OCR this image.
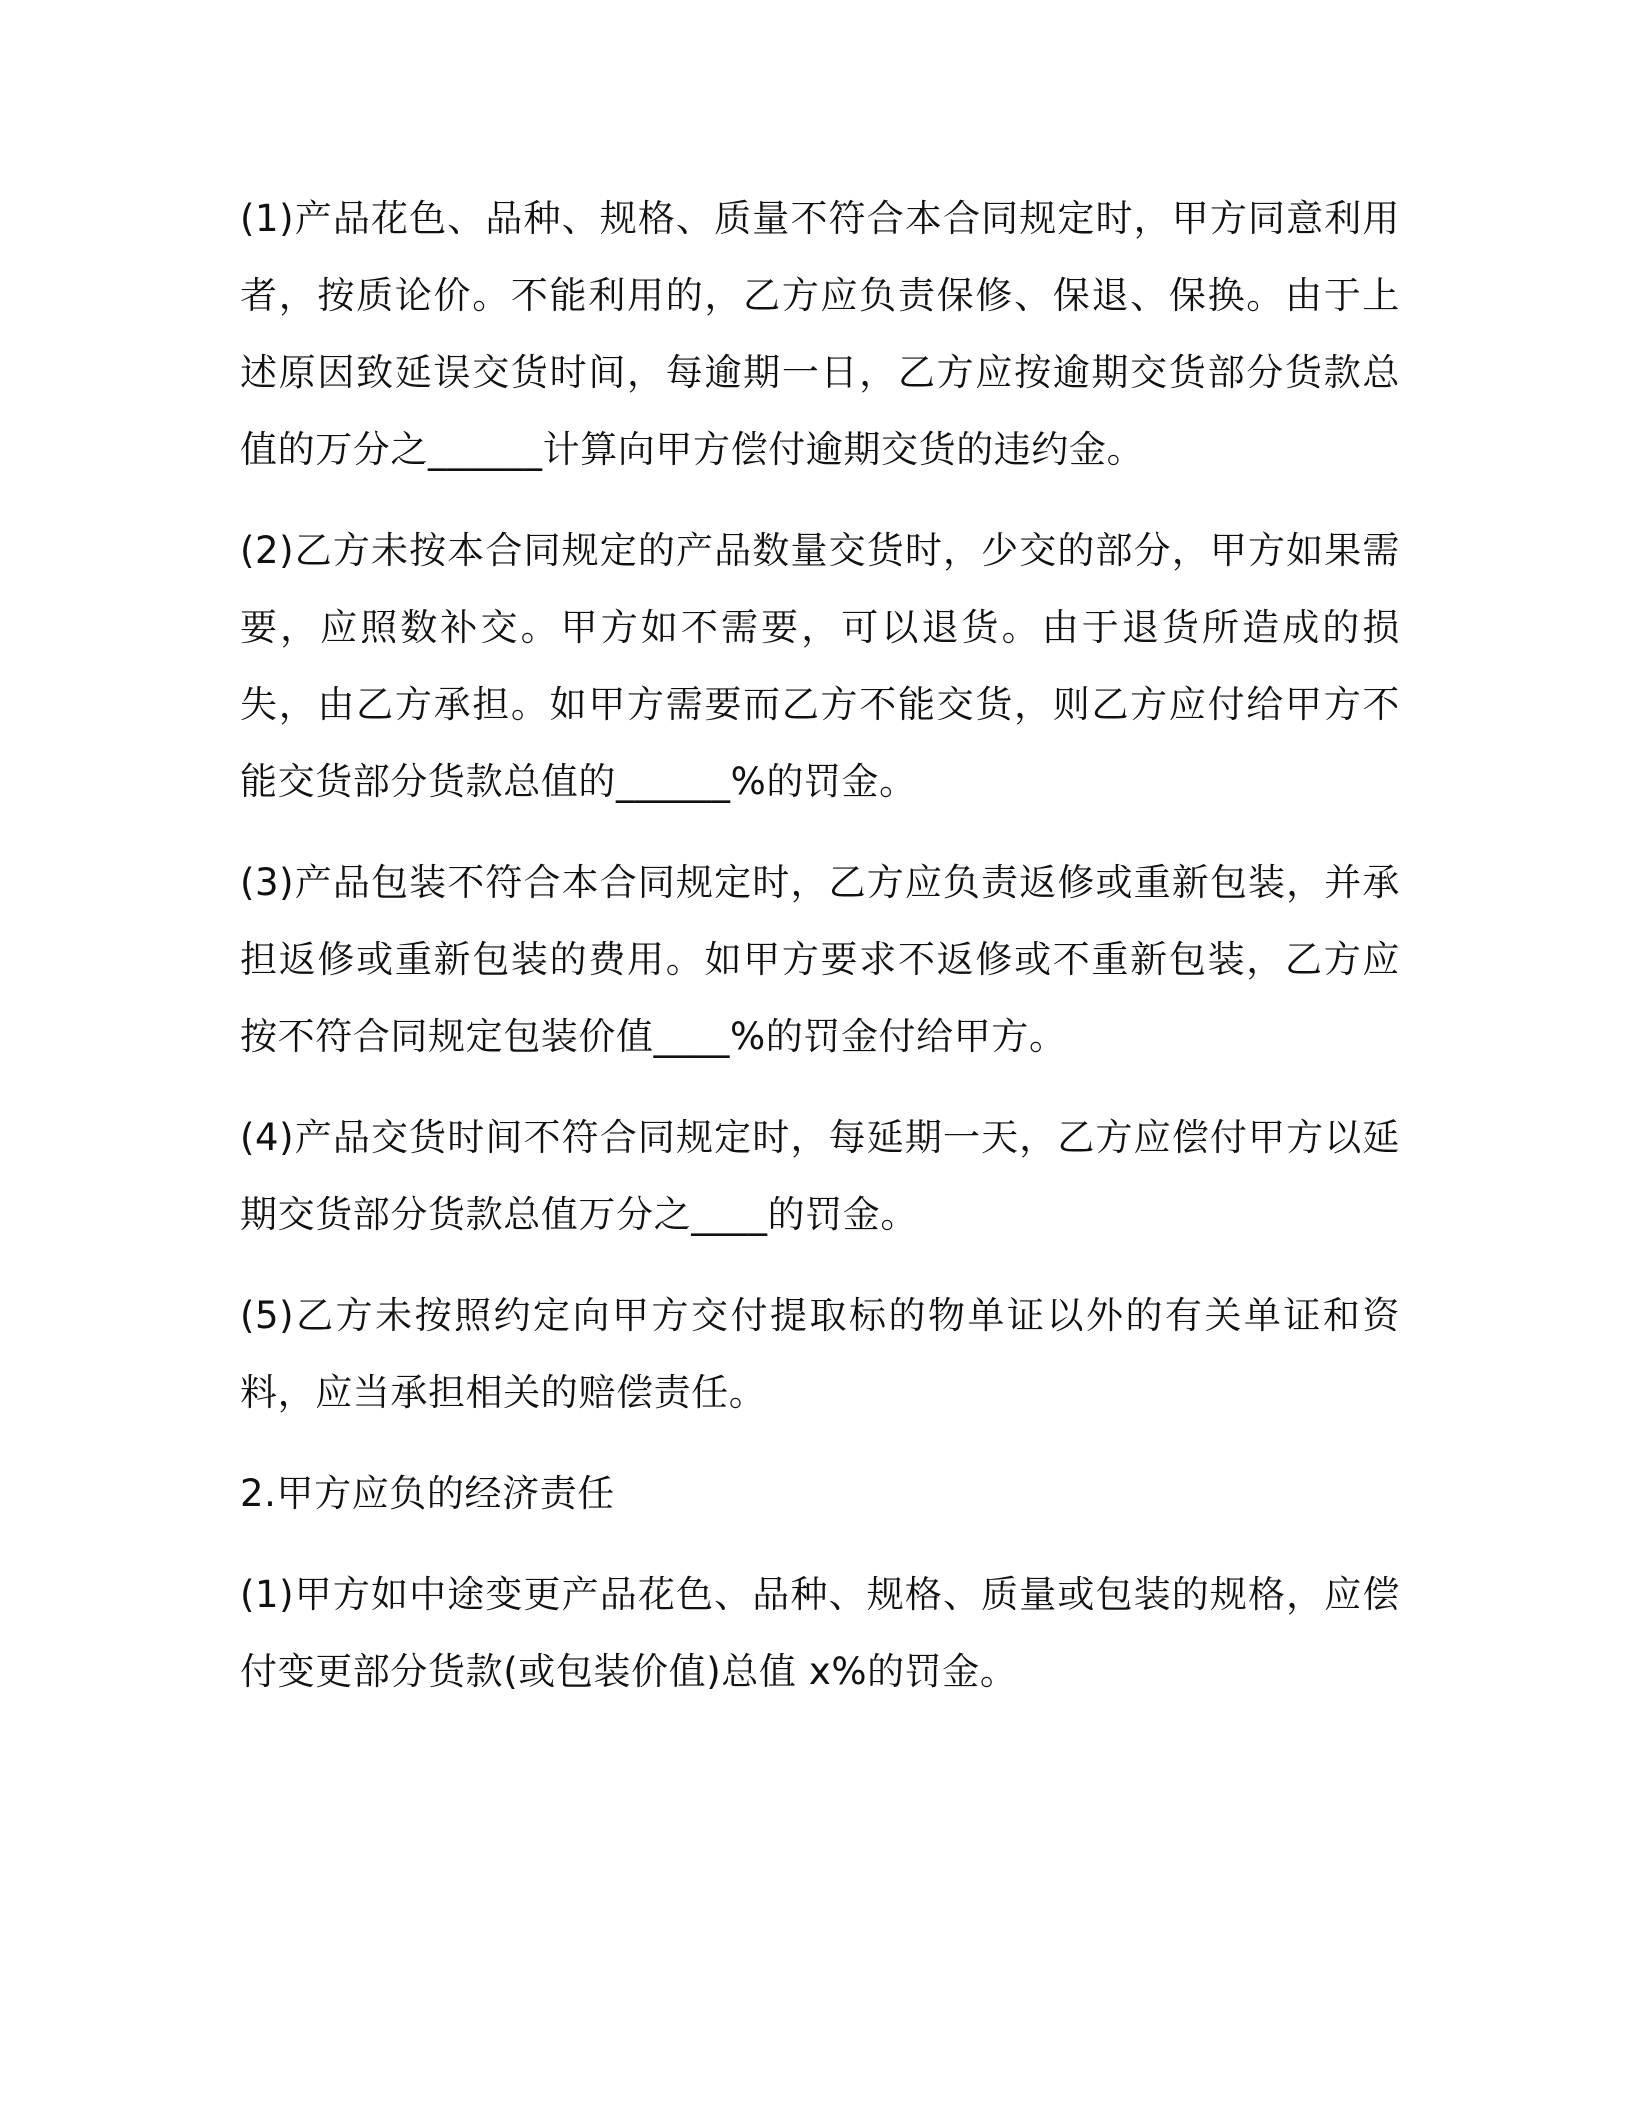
(1)产品花色、品种、规格、质量不符合本合同规定时，甲方同意利用者，按质论价。不能利用的，乙方应负责保修、保退、保换。由于上述原因致延误交货时间，每逾期一日，乙方应按逾期交货部分货款总值的万分之______计算向甲方偿付逾期交货的违约金。

(2)乙方未按本合同规定的产品数量交货时，少交的部分，甲方如果需要，应照数补交。甲方如不需要，可以退货。由于退货所造成的损失，由乙方承担。如甲方需要而乙方不能交货，则乙方应付给甲方不能交货部分货款总值的______%的罚金。

(3)产品包装不符合本合同规定时，乙方应负责返修或重新包装，并承担返修或重新包装的费用。如甲方要求不返修或不重新包装，乙方应按不符合同规定包装价值____%的罚金付给甲方。

(4)产品交货时间不符合同规定时，每延期一天，乙方应偿付甲方以延期交货部分货款总值万分之____的罚金。

(5)乙方未按照约定向甲方交付提取标的物单证以外的有关单证和资料，应当承担相关的赔偿责任。

2.甲方应负的经济责任

(1)甲方如中途变更产品花色、品种、规格、质量或包装的规格，应偿付变更部分货款(或包装价值)总值 x%的罚金。
